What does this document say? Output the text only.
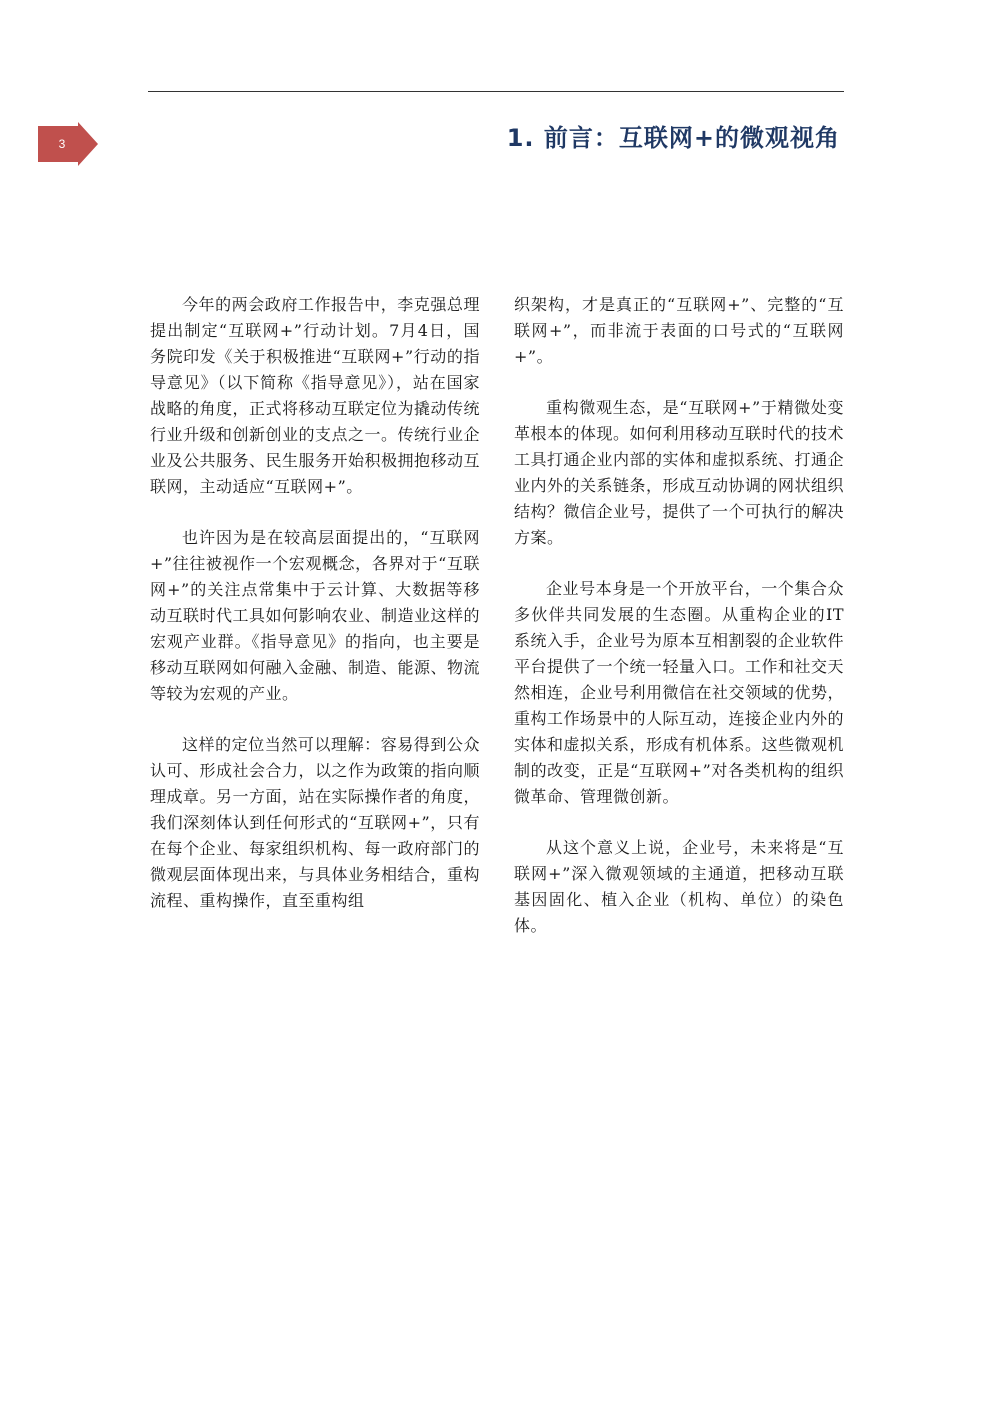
3	1. 前言：互联网+的微观视角

今年的两会政府工作报告中，李克强总理提出制定“互联网+”行动计划。7月4日，国务院印发《关于积极推进“互联网+”行动的指导意见》（以下简称《指导意见》），站在国家战略的角度，正式将移动互联定位为撬动传统行业升级和创新创业的支点之一。传统行业企业及公共服务、民生服务开始积极拥抱移动互联网，主动适应“互联网+”。

也许因为是在较高层面提出的，“互联网+”往往被视作一个宏观概念，各界对于“互联网+”的关注点常集中于云计算、大数据等移动互联时代工具如何影响农业、制造业这样的宏观产业群。《指导意见》的指向，也主要是移动互联网如何融入金融、制造、能源、物流等较为宏观的产业。

这样的定位当然可以理解：容易得到公众认可、形成社会合力，以之作为政策的指向顺理成章。另一方面，站在实际操作者的角度，我们深刻体认到任何形式的“互联网+”，只有在每个企业、每家组织机构、每一政府部门的微观层面体现出来，与具体业务相结合，重构流程、重构操作，直至重构组

织架构，才是真正的“互联网+”、完整的“互联网+”，而非流于表面的口号式的“互联网+”。

重构微观生态，是“互联网+”于精微处变革根本的体现。如何利用移动互联时代的技术工具打通企业内部的实体和虚拟系统、打通企业内外的关系链条，形成互动协调的网状组织结构？微信企业号，提供了一个可执行的解决方案。

企业号本身是一个开放平台，一个集合众多伙伴共同发展的生态圈。从重构企业的IT系统入手，企业号为原本互相割裂的企业软件平台提供了一个统一轻量入口。工作和社交天然相连，企业号利用微信在社交领域的优势，重构工作场景中的人际互动，连接企业内外的实体和虚拟关系，形成有机体系。这些微观机制的改变，正是“互联网+”对各类机构的组织微革命、管理微创新。

从这个意义上说，企业号，未来将是“互联网+”深入微观领域的主通道，把移动互联基因固化、植入企业（机构、单位）的染色体。
